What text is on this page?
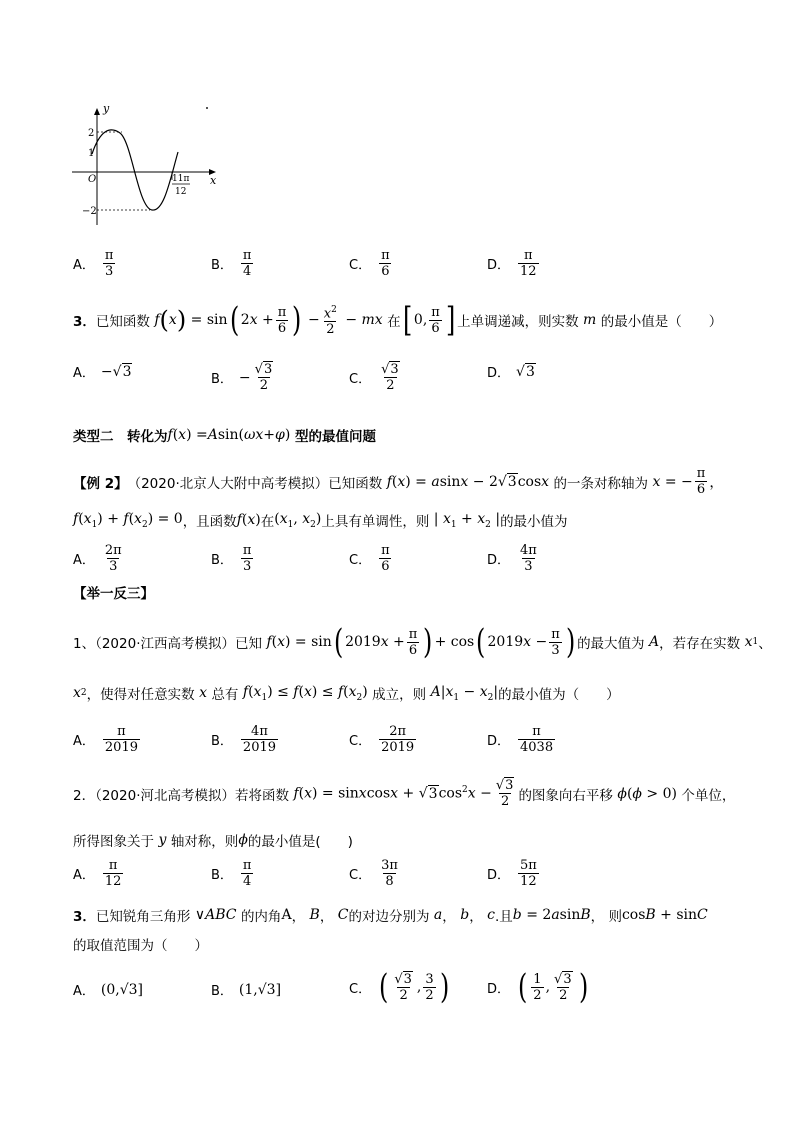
y
x
O
2
1
−2
11π
12
A． $\frac{\pi}{3}$	B． $\frac{\pi}{4}$	C． $\frac{\pi}{6}$	D． $\frac{\pi}{12}$
3． 已知函数 f ( x ) = sin ( $2x + \frac{\pi}{6}$ ) − $\frac{x^2}{2}$ − mx 在 [ 0, $\frac{\pi}{6}$ ] 上单调递减，则实数 m 的最小值是（　　）
A． −√3	B． − $\frac{√3}{2}$	C． $\frac{√3}{2}$	D． √3
类型二　转化为 f ( x ) = A sin( ωx + φ )
型的最值问题
【例 2】 （2020·北京人大附中高考模拟）已知函数 f(x) = asinx − 2√3cosx 的一条对称轴为 x = − $\frac{\pi}{6}$ ，
$f(x_1) + f(x_2) = 0$ ，且函数 f(x) 在 ($x_1$, $x_2$) 上具有单调性，则 | $x_1 + x_2$ | 的最小值为
A． $\frac{2\pi}{3}$	B． $\frac{\pi}{3}$	C． $\frac{\pi}{6}$	D． $\frac{4\pi}{3}$
【举一反三】
1、（2020·江西高考模拟）已知 f(x) = sin ( $2019x + \frac{\pi}{6}$ ) + cos ( $2019x - \frac{\pi}{3}$ ) 的最大值为 A ，若存在实数 x 1 、
x 2 ，使得对任意实数 x 总有 $f(x_1) \le f(x) \le f(x_2)$ 成立，则 $A|x_1 - x_2|$ 的最小值为（　　）
A． $\frac{\pi}{2019}$	B． $\frac{4\pi}{2019}$	C． $\frac{2\pi}{2019}$	D． $\frac{\pi}{4038}$
2．（2020·河北高考模拟）若将函数 f(x) = sinxcosx + $√3\cos^2x - \frac{√3}{2}$ 的图象向右平移 ϕ(ϕ > 0) 个单位，
所得图象关于 y 轴对称，则 ϕ 的最小值是(　　)
A． $\frac{\pi}{12}$	B． $\frac{\pi}{4}$	C． $\frac{3\pi}{8}$	D． $\frac{5\pi}{12}$
3． 已知锐角三角形 ∨ABC 的内角 A ， B ， C 的对边分别为 a ， b ， c .且 b = 2asinB ， 则 cosB + sinC
的取值范围为（　　）
A． (0,√3]	B． (1,√3]	C． ( $\frac{√3}{2}$ , $\frac{3}{2}$ )	D． ( $\frac{1}{2}$ , $\frac{√3}{2}$ )
